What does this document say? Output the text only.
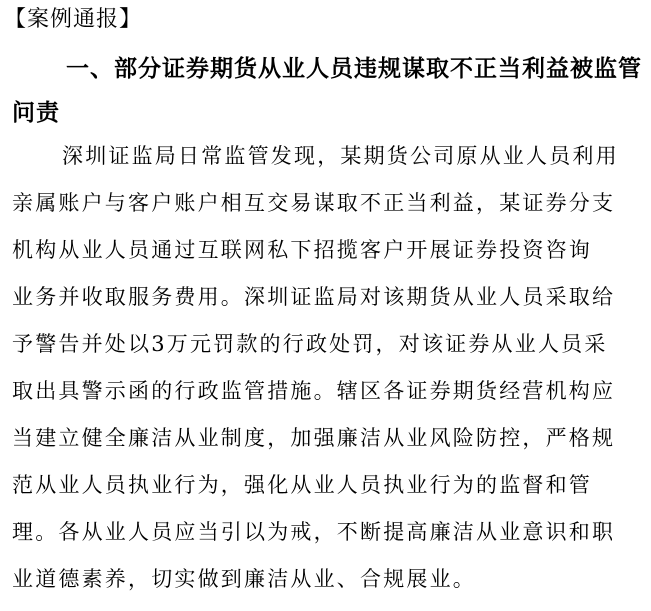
【案例通报】
一、部分证券期货从业人员违规谋取不正当利益被监管
问责
深圳证监局日常监管发现，某期货公司原从业人员利用
亲属账户与客户账户相互交易谋取不正当利益，某证券分支
机构从业人员通过互联网私下招揽客户开展证券投资咨询
业务并收取服务费用。深圳证监局对该期货从业人员采取给
予警告并处以3万元罚款的行政处罚，对该证券从业人员采
取出具警示函的行政监管措施。辖区各证券期货经营机构应
当建立健全廉洁从业制度，加强廉洁从业风险防控，严格规
范从业人员执业行为，强化从业人员执业行为的监督和管
理。各从业人员应当引以为戒，不断提高廉洁从业意识和职
业道德素养，切实做到廉洁从业、合规展业。
